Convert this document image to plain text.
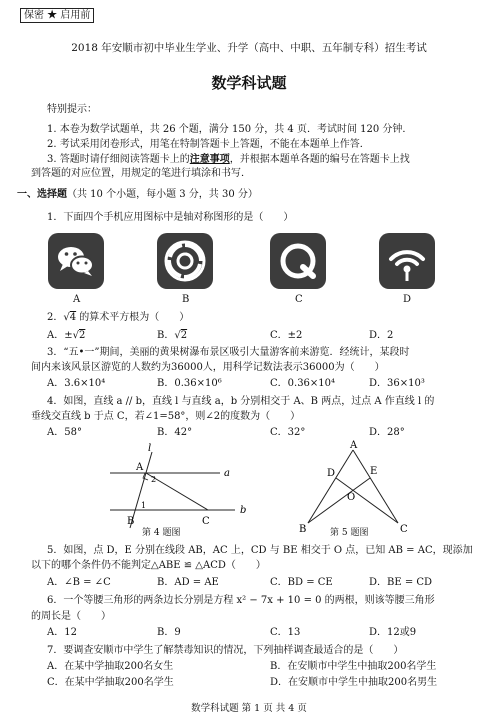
保密 ★ 启用前
2018 年安顺市初中毕业生学业、升学（高中、中职、五年制专科）招生考试
数学科试题
特别提示：
1. 本卷为数学试题单，共 26 个题，满分 150 分，共 4 页．考试时间 120 分钟．
2. 考试采用闭卷形式，用笔在特制答题卡上答题，不能在本题单上作答．
3. 答题时请仔细阅读答题卡上的注意事项，并根据本题单各题的编号在答题卡上找
到答题的对应位置，用规定的笔进行填涂和书写．
一、选择题（共 10 个小题，每小题 3 分，共 30 分）
1．下面四个手机应用图标中是轴对称图形的是（　　）
A	B	C	D
2．√4 的算术平方根为（　　）
A．±√2	B．√2	C．±2	D．2
3．“五•一”期间，美丽的黄果树瀑布景区吸引大量游客前来游览．经统计，某段时
间内来该风景区游览的人数约为36000人，用科学记数法表示36000为（　　）
A．3.6×10⁴	B．0.36×10⁶	C．0.36×10⁴	D．36×10³
4．如图，直线 a // b，直线 l 与直线 a，b 分别相交于 A、B 两点，过点 A 作直线 l 的
垂线交直线 b 于点 C，若∠1=58°，则∠2的度数为（　　）
A．58°	B．42°	C．32°	D．28°
l
A
a
2
1
B	C
b
第 4 题图
A
D	E
O
B	C
第 5 题图
5．如图，点 D，E 分别在线段 AB，AC 上，CD 与 BE 相交于 O 点，已知 AB = AC，现添加
以下的哪个条件仍不能判定△ABE ≌ △ACD（　　）
A．∠B = ∠C	B．AD = AE	C．BD = CE	D．BE = CD
6．一个等腰三角形的两条边长分别是方程 x² − 7x + 10 = 0 的两根，则该等腰三角形
的周长是（　　）
A．12	B．9	C．13	D．12或9
7．要调查安顺市中学生了解禁毒知识的情况，下列抽样调查最适合的是（　　）
A．在某中学抽取200名女生	B．在安顺市中学生中抽取200名学生
C．在某中学抽取200名学生	D．在安顺市中学生中抽取200名男生
数学科试题 第 1 页 共 4 页
